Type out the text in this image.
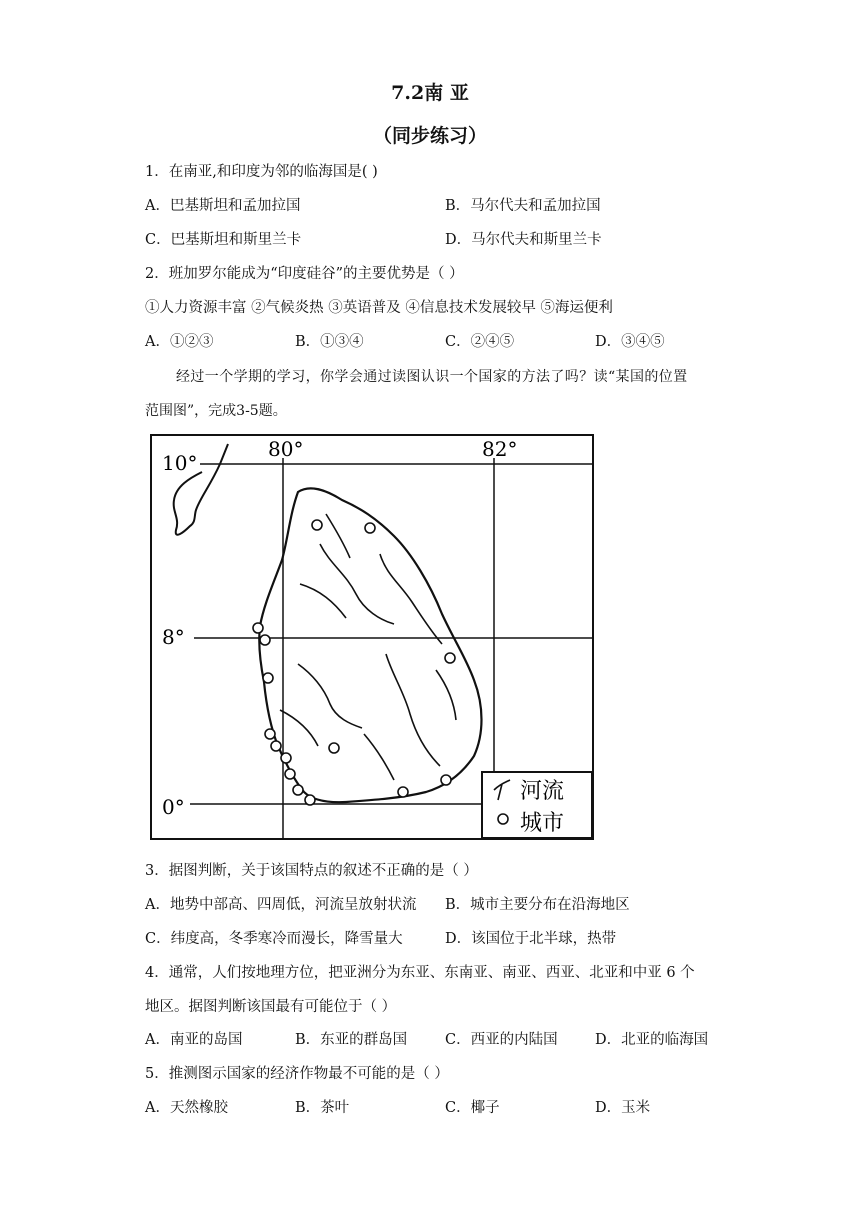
7.2南 亚
（同步练习）
1．在南亚,和印度为邻的临海国是( )
A．巴基斯坦和孟加拉国	B．马尔代夫和孟加拉国
C．巴基斯坦和斯里兰卡	D．马尔代夫和斯里兰卡
2．班加罗尔能成为“印度硅谷”的主要优势是（ ）
①人力资源丰富 ②气候炎热 ③英语普及 ④信息技术发展较早 ⑤海运便利
A．①②③	B．①③④	C．②④⑤	D．③④⑤
经过一个学期的学习，你学会通过读图认识一个国家的方法了吗？读“某国的位置
范围图”，完成3-5题。
80°	82°
10°
8°
0°
河流
城市
3．据图判断，关于该国特点的叙述不正确的是（ ）
A．地势中部高、四周低，河流呈放射状流 B．城市主要分布在沿海地区
C．纬度高，冬季寒冷而漫长，降雪量大	D．该国位于北半球，热带
4．通常，人们按地理方位，把亚洲分为东亚、东南亚、南亚、西亚、北亚和中亚 6 个
地区。据图判断该国最有可能位于（ ）
A．南亚的岛国	B．东亚的群岛国	C．西亚的内陆国	D．北亚的临海国
5．推测图示国家的经济作物最不可能的是（ ）
A．天然橡胶	B．茶叶	C．椰子	D．玉米
